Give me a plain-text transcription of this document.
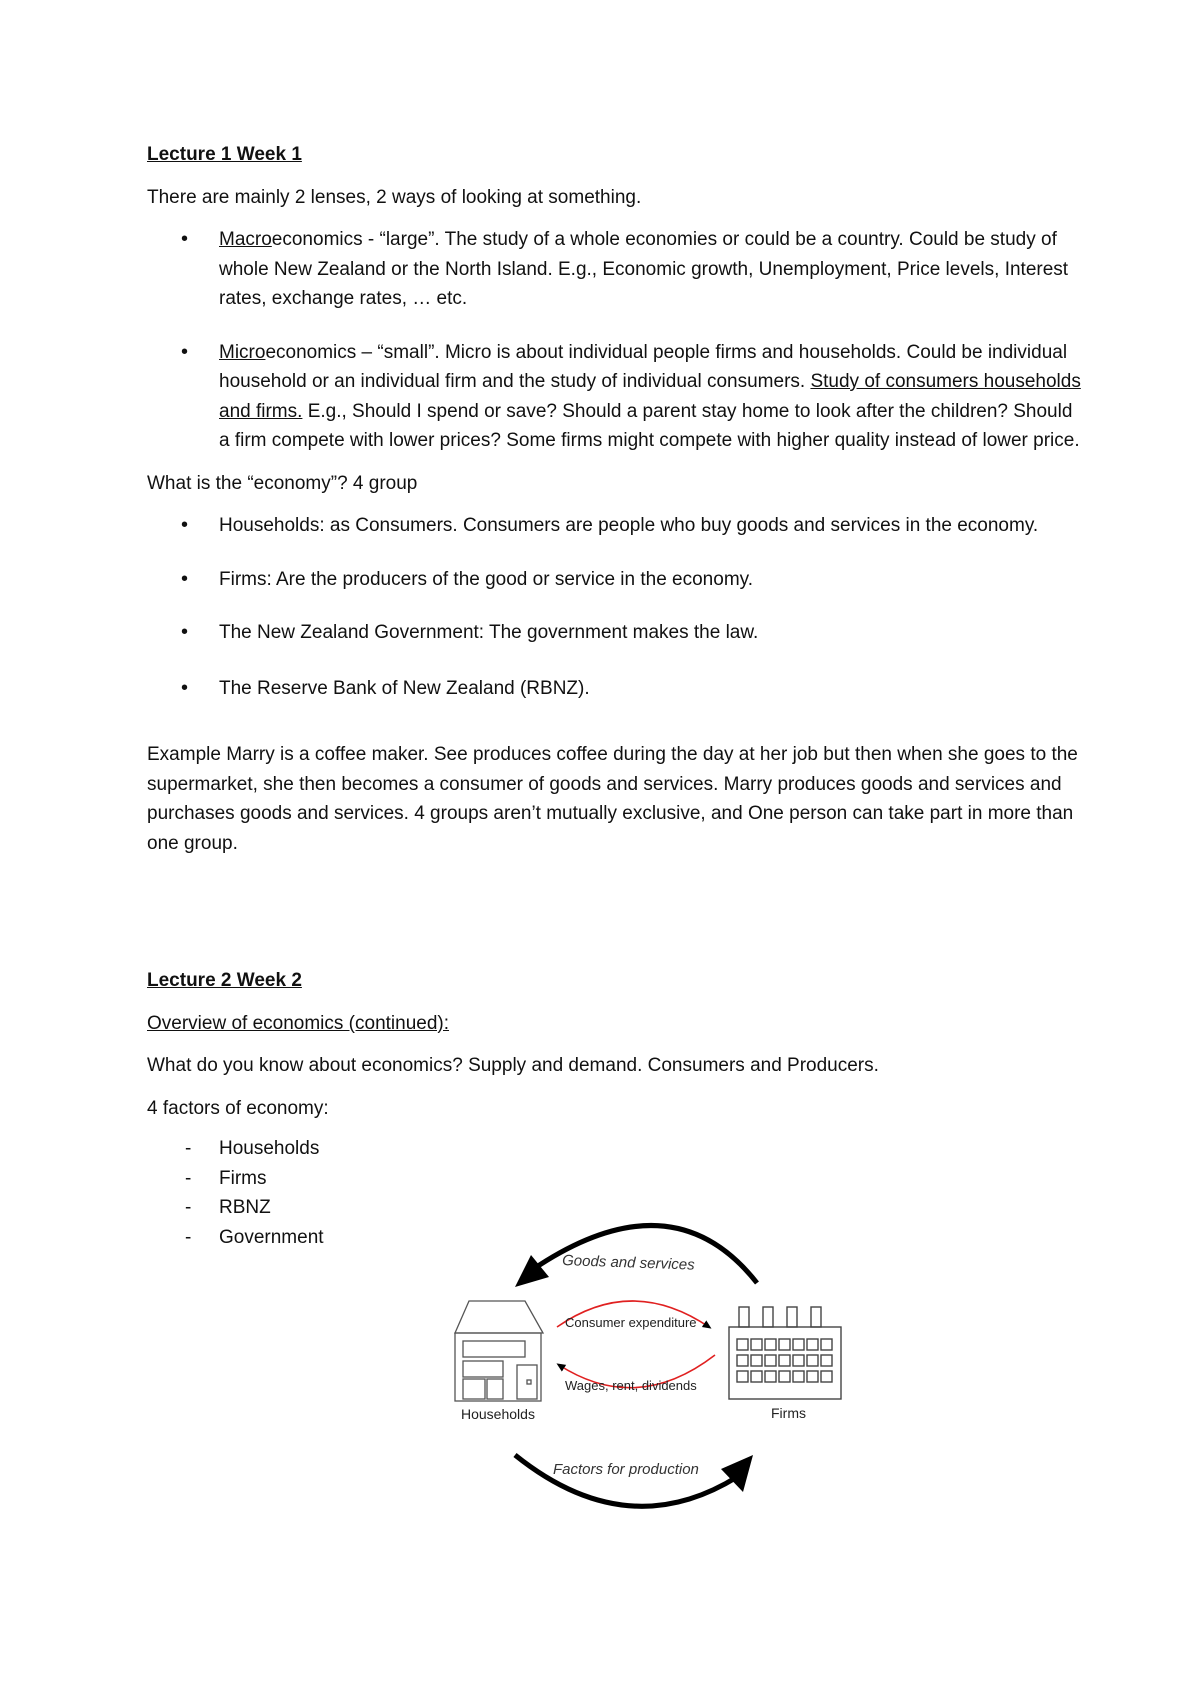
Lecture 1 Week 1

There are mainly 2 lenses, 2 ways of looking at something.

• Macroeconomics - “large”. The study of a whole economies or could be a country. Could be study of whole New Zealand or the North Island. E.g., Economic growth, Unemployment, Price levels, Interest rates, exchange rates, … etc.
• Microeconomics – “small”. Micro is about individual people firms and households. Could be individual household or an individual firm and the study of individual consumers. Study of consumers households and firms. E.g., Should I spend or save? Should a parent stay home to look after the children? Should a firm compete with lower prices? Some firms might compete with higher quality instead of lower price.

What is the “economy”? 4 group

• Households: as Consumers. Consumers are people who buy goods and services in the economy.
• Firms: Are the producers of the good or service in the economy.
• The New Zealand Government: The government makes the law.
• The Reserve Bank of New Zealand (RBNZ).

Example Marry is a coffee maker. See produces coffee during the day at her job but then when she goes to the supermarket, she then becomes a consumer of goods and services. Marry produces goods and services and purchases goods and services. 4 groups aren’t mutually exclusive, and One person can take part in more than one group.

Lecture 2 Week 2

Overview of economics (continued):

What do you know about economics? Supply and demand. Consumers and Producers.

4 factors of economy:

- Households
- Firms
- RBNZ
- Government
Goods and services
Consumer expenditure
Wages, rent, dividends
Households	Firms
Factors for production
